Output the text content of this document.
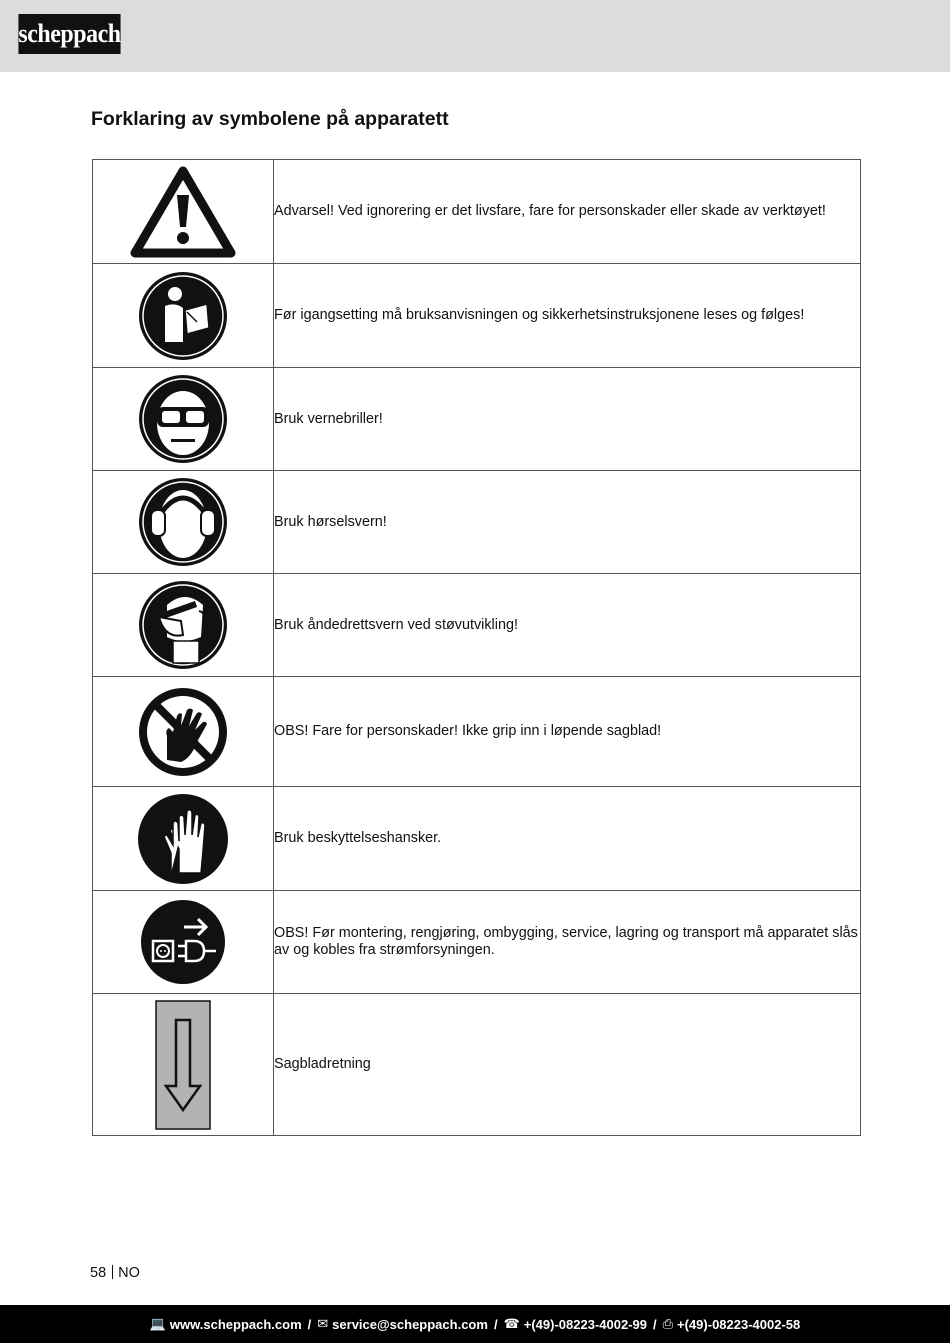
scheppach
Forklaring av symbolene på apparatett
	Advarsel! Ved ignorering er det livsfare, fare for personskader eller skade av verktøyet!

	Før igangsetting må bruksanvisningen og sikkerhetsinstruksjonene leses og følges!

	Bruk vernebriller!

	Bruk hørselsvern!

	Bruk åndedrettsvern ved støvutvikling!

	OBS! Fare for personskader! Ikke grip inn i løpende sagblad!

	Bruk beskyttelseshansker.

	OBS! Før montering, rengjøring, ombygging, service, lagring og transport må apparatet slås av og kobles fra strømforsyningen.

	Sagbladretning
58 NO
💻 www.scheppach.com / ✉ service@scheppach.com / ☎ +(49)-08223-4002-99 / ⎙ +(49)-08223-4002-58
